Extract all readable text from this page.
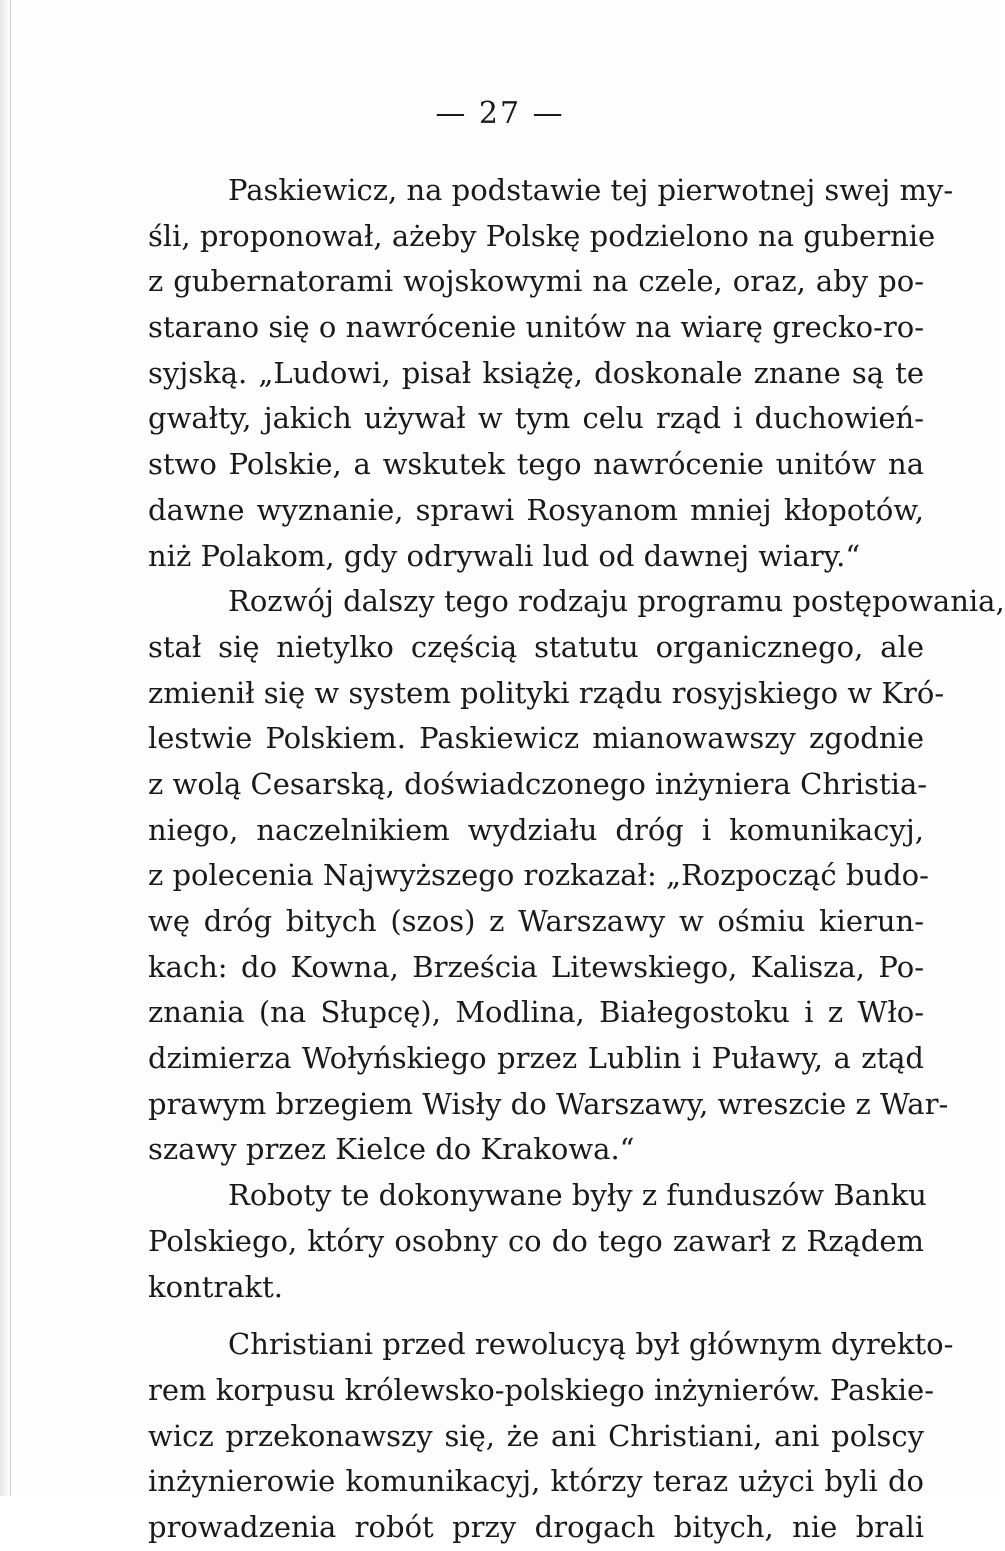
— 27 —
Paskiewicz, na podstawie tej pierwotnej swej my-
śli, proponował, ażeby Polskę podzielono na gubernie
z gubernatorami wojskowymi na czele, oraz, aby po-
starano się o nawrócenie unitów na wiarę grecko-ro-
syjską. „Ludowi, pisał książę, doskonale znane są te
gwałty, jakich używał w tym celu rząd i duchowień-
stwo Polskie, a wskutek tego nawrócenie unitów na
dawne wyznanie, sprawi Rosyanom mniej kłopotów,
niż Polakom, gdy odrywali lud od dawnej wiary.“
Rozwój dalszy tego rodzaju programu postępowania,
stał się nietylko częścią statutu organicznego, ale
zmienił się w system polityki rządu rosyjskiego w Kró-
lestwie Polskiem. Paskiewicz mianowawszy zgodnie
z wolą Cesarską, doświadczonego inżyniera Christia-
niego, naczelnikiem wydziału dróg i komunikacyj,
z polecenia Najwyższego rozkazał: „Rozpocząć budo-
wę dróg bitych (szos) z Warszawy w ośmiu kierun-
kach: do Kowna, Brześcia Litewskiego, Kalisza, Po-
znania (na Słupcę), Modlina, Białegostoku i z Wło-
dzimierza Wołyńskiego przez Lublin i Puławy, a ztąd
prawym brzegiem Wisły do Warszawy, wreszcie z War-
szawy przez Kielce do Krakowa.“
Roboty te dokonywane były z funduszów Banku
Polskiego, który osobny co do tego zawarł z Rządem
kontrakt.
Christiani przed rewolucyą był głównym dyrekto-
rem korpusu królewsko-polskiego inżynierów. Paskie-
wicz przekonawszy się, że ani Christiani, ani polscy
inżynierowie komunikacyj, którzy teraz użyci byli do
prowadzenia robót przy drogach bitych, nie brali
